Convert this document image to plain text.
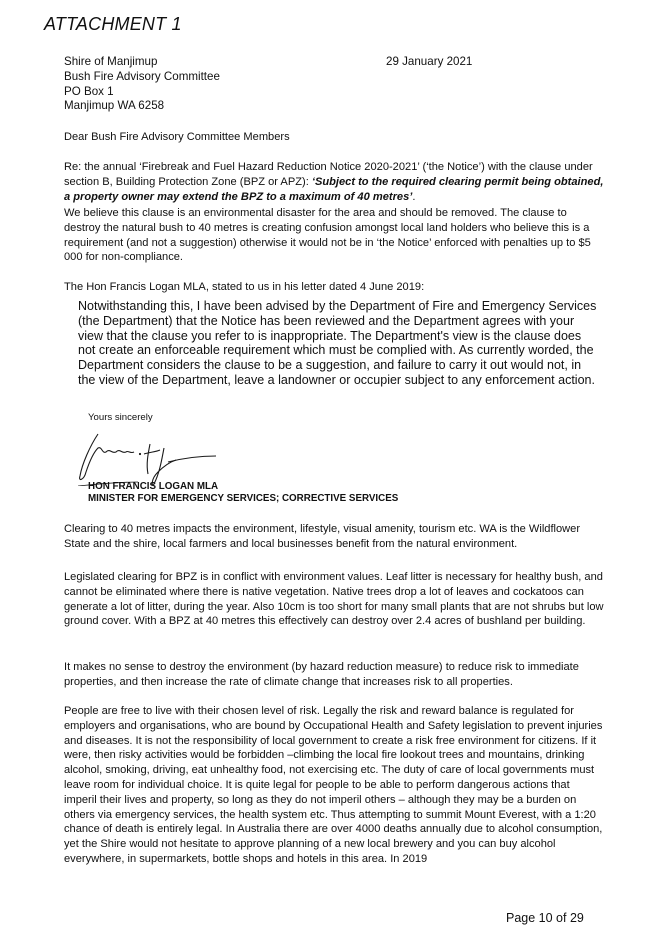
ATTACHMENT 1
Shire of Manjimup
Bush Fire Advisory Committee
PO Box 1
Manjimup WA 6258
29 January 2021
Dear Bush Fire Advisory Committee Members
Re: the annual ‘Firebreak and Fuel Hazard Reduction Notice 2020-2021’ (‘the Notice’) with the clause under section B, Building Protection Zone (BPZ or APZ): ‘Subject to the required clearing permit being obtained, a property owner may extend the BPZ to a maximum of 40 metres’.
We believe this clause is an environmental disaster for the area and should be removed. The clause to destroy the natural bush to 40 metres is creating confusion amongst local land holders who believe this is a requirement (and not a suggestion) otherwise it would not be in ‘the Notice’ enforced with penalties up to $5 000 for non-compliance.
The Hon Francis Logan MLA, stated to us in his letter dated 4 June 2019:
Notwithstanding this, I have been advised by the Department of Fire and Emergency Services (the Department) that the Notice has been reviewed and the Department agrees with your view that the clause you refer to is inappropriate. The Department's view is the clause does not create an enforceable requirement which must be complied with. As currently worded, the Department considers the clause to be a suggestion, and failure to carry it out would not, in the view of the Department, leave a landowner or occupier subject to any enforcement action.
Yours sincerely
HON FRANCIS LOGAN MLA
MINISTER FOR EMERGENCY SERVICES; CORRECTIVE SERVICES
Clearing to 40 metres impacts the environment, lifestyle, visual amenity, tourism etc. WA is the Wildflower State and the shire, local farmers and local businesses benefit from the natural environment.
Legislated clearing for BPZ is in conflict with environment values. Leaf litter is necessary for healthy bush, and cannot be eliminated where there is native vegetation. Native trees drop a lot of leaves and cockatoos can generate a lot of litter, during the year. Also 10cm is too short for many small plants that are not shrubs but low ground cover. With a BPZ at 40 metres this effectively can destroy over 2.4 acres of bushland per building.
It makes no sense to destroy the environment (by hazard reduction measure) to reduce risk to immediate properties, and then increase the rate of climate change that increases risk to all properties.
People are free to live with their chosen level of risk. Legally the risk and reward balance is regulated for employers and organisations, who are bound by Occupational Health and Safety legislation to prevent injuries and diseases. It is not the responsibility of local government to create a risk free environment for citizens. If it were, then risky activities would be forbidden –climbing the local fire lookout trees and mountains, drinking alcohol, smoking, driving, eat unhealthy food, not exercising etc. The duty of care of local governments must leave room for individual choice. It is quite legal for people to be able to perform dangerous actions that imperil their lives and property, so long as they do not imperil others – although they may be a burden on others via emergency services, the health system etc. Thus attempting to summit Mount Everest, with a 1:20 chance of death is entirely legal. In Australia there are over 4000 deaths annually due to alcohol consumption, yet the Shire would not hesitate to approve planning of a new local brewery and you can buy alcohol everywhere, in supermarkets, bottle shops and hotels in this area. In 2019
Page 10 of 29
